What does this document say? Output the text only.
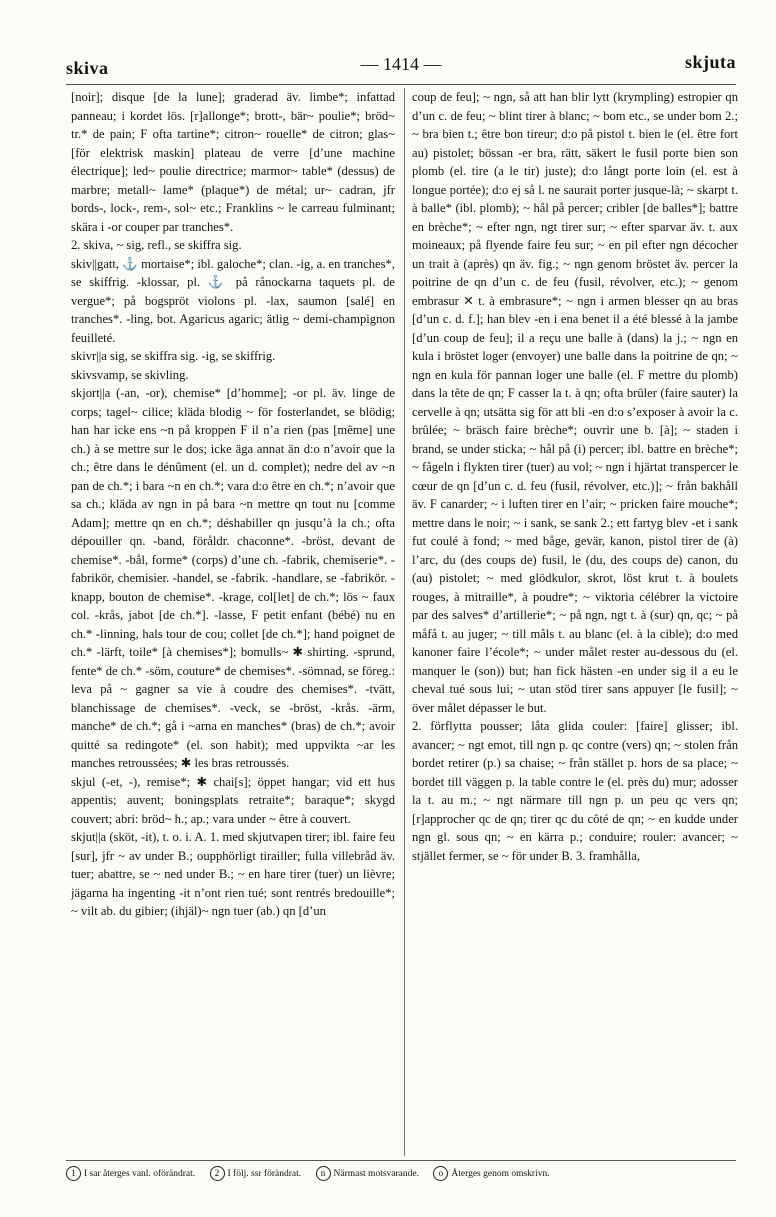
skiva	— 1414 —	skjuta

[noir]; disque [de la lune]; graderad äv. limbe*; infattad panneau; i kordet lös. [r]allonge*; brott-, bär~ poulie*; bröd~ tr.* de pain; F ofta tartine*; citron~ rouelle* de citron; glas~ [för elektrisk maskin] plateau de verre [d’une machine électrique]; led~ poulie directrice; marmor~ table* (dessus) de marbre; metall~ lame* (plaque*) de métal; ur~ cadran, jfr bords-, lock-, rem-, sol~ etc.; Franklins ~ le carreau fulminant; skära i -or couper par tranches*.

2. skiva, ~ sig, refl., se skiffra sig.

skiv||gatt, ⚓ mortaise*; ibl. galoche*; clan. -ig, a. en tranches*, se skiffrig. -klossar, pl. ⚓ på rånockarna taquets pl. de vergue*; på bogspröt violons pl. -lax, saumon [salé] en tranches*. -ling, bot. Agaricus agaric; ätlig ~ demi-champignon feuilleté.

skivr||a sig, se skiffra sig. -ig, se skiffrig.

skivsvamp, se skivling.

skjort||a (-an, -or), chemise* [d’homme]; -or pl. äv. linge de corps; tagel~ cilice; kläda blodig ~ för fosterlandet, se blödig; han har icke ens ~n på kroppen F il n’a rien (pas [même] une ch.) à se mettre sur le dos; icke äga annat än d:o n’avoir que la ch.; être dans le dénûment (el. un d. complet); nedre del av ~n pan de ch.*; i bara ~n en ch.*; vara d:o être en ch.*; n’avoir que sa ch.; kläda av ngn in på bara ~n mettre qn tout nu [comme Adam]; mettre qn en ch.*; déshabiller qn jusqu’à la ch.; ofta dépouiller qn. -band, föråldr. chaconne*. -bröst, devant de chemise*. -bål, forme* (corps) d’une ch. -fabrik, chemiserie*. -fabrikör, chemisier. -handel, se -fabrik. -handlare, se -fabrikör. -knapp, bouton de chemise*. -krage, col[let] de ch.*; lös ~ faux col. -krås, jabot [de ch.*]. -lasse, F petit enfant (bébé) nu en ch.* -linning, hals tour de cou; collet [de ch.*]; hand poignet de ch.* -lärft, toile* [à chemises*]; bomulls~ ✱ shirting. -sprund, fente* de ch.* -söm, couture* de chemises*. -sömnad, se föreg.: leva på ~ gagner sa vie à coudre des chemises*. -tvätt, blanchissage de chemises*. -veck, se -bröst, -krås. -ärm, manche* de ch.*; gå i ~arna en manches* (bras) de ch.*; avoir quitté sa redingote* (el. son habit); med uppvikta ~ar les manches retroussées; ✱ les bras retroussés.

skjul (-et, -), remise*; ✱ chai[s]; öppet hangar; vid ett hus appentis; auvent; boningsplats retraite*; baraque*; skygd couvert; abri: bröd~ h.; ap.; vara under ~ être à couvert.

skjut||a (sköt, -it), t. o. i. A. 1. med skjutvapen tirer; ibl. faire feu [sur], jfr ~ av under B.; oupphörligt tirailler; fulla villebråd äv. tuer; abattre, se ~ ned under B.; ~ en hare tirer (tuer) un lièvre; jägarna ha ingenting -it n’ont rien tué; sont rentrés bredouille*; ~ vilt ab. du gibier; (ihjäl)~ ngn tuer (ab.) qn [d’un

coup de feu]; ~ ngn, så att han blir lytt (krympling) estropier qn d’un c. de feu; ~ blint tirer à blanc; ~ bom etc., se under bom 2.; ~ bra bien t.; être bon tireur; d:o på pistol t. bien le (el. être fort au) pistolet; bössan -er bra, rätt, säkert le fusil porte bien son plomb (el. tire (a le tir) juste); d:o långt porte loin (el. est à longue portée); d:o ej så l. ne saurait porter jusque-là; ~ skarpt t. à balle* (ibl. plomb); ~ hål på percer; cribler [de balles*]; battre en brèche*; ~ efter ngn, ngt tirer sur; ~ efter sparvar äv. t. aux moineaux; på flyende faire feu sur; ~ en pil efter ngn décocher un trait à (après) qn äv. fig.; ~ ngn genom bröstet äv. percer la poitrine de qn d’un c. de feu (fusil, révolver, etc.); ~ genom embrasur ✕ t. à embrasure*; ~ ngn i armen blesser qn au bras [d’un c. d. f.]; han blev -en i ena benet il a été blessé à la jambe [d’un coup de feu]; il a reçu une balle à (dans) la j.; ~ ngn en kula i bröstet loger (envoyer) une balle dans la poitrine de qn; ~ ngn en kula för pannan loger une balle (el. F mettre du plomb) dans la tête de qn; F casser la t. à qn; ofta brûler (faire sauter) la cervelle à qn; utsätta sig för att bli -en d:o s’exposer à avoir la c. brûlée; ~ bräsch faire brèche*; ouvrir une b. [à]; ~ staden i brand, se under sticka; ~ hål på (i) percer; ibl. battre en brèche*; ~ fågeln i flykten tirer (tuer) au vol; ~ ngn i hjärtat transpercer le cœur de qn [d’un c. d. feu (fusil, révolver, etc.)]; ~ från bakhåll äv. F canarder; ~ i luften tirer en l’air; ~ pricken faire mouche*; mettre dans le noir; ~ i sank, se sank 2.; ett fartyg blev -et i sank fut coulé à fond; ~ med båge, gevär, kanon, pistol tirer de (à) l’arc, du (des coups de) fusil, le (du, des coups de) canon, du (au) pistolet; ~ med glödkulor, skrot, löst krut t. à boulets rouges, à mitraille*, à poudre*; ~ viktoria célébrer la victoire par des salves* d’artillerie*; ~ på ngn, ngt t. à (sur) qn, qc; ~ på måfå t. au juger; ~ till måls t. au blanc (el. à la cible); d:o med kanoner faire l’école*; ~ under målet rester au-dessous du (el. manquer le (son)) but; han fick hästen -en under sig il a eu le cheval tué sous lui; ~ utan stöd tirer sans appuyer [le fusil]; ~ över målet dépasser le but.

2. förflytta pousser; låta glida couler: [faire] glisser; ibl. avancer; ~ ngt emot, till ngn p. qc contre (vers) qn; ~ stolen från bordet retirer (p.) sa chaise; ~ från stället p. hors de sa place; ~ bordet till väggen p. la table contre le (el. près du) mur; adosser la t. au m.; ~ ngt närmare till ngn p. un peu qc vers qn; [r]approcher qc de qn; tirer qc du côté de qn; ~ en kudde under ngn gl. sous qn; ~ en kärra p.; conduire; rouler: avancer; ~ stjället fermer, se ~ för under B. 3. framhålla,

1 I sar återges vanl. oförändrat. 2 I följ. ssr förändrat. n Närmast motsvarande. o Återges genom omskrivn.
